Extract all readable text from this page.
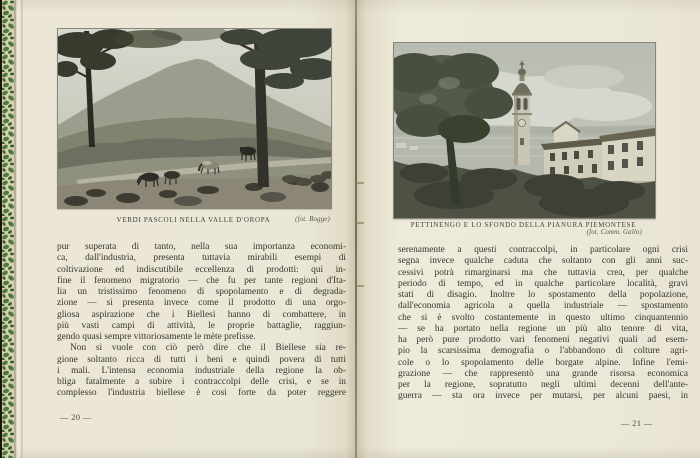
VERDI PASCOLI NELLA VALLE D'OROPA	(fot. Bogge)
pur superata di tanto, nella sua importanza economi-
ca, dall'industria, presenta tuttavia mirabili esempi di
coltivazione ed indiscutibile eccellenza di prodotti: qui in-
fine il fenomeno migratorio — che fu per tante regioni d'Ita-
lia un tristissimo fenomeno di spopolamento e di degrada-
zione — si presenta invece come il prodotto di una orgo-
gliosa aspirazione che i Biellesi hanno di combattere, in
più vasti campi di attività, le proprie battaglie, raggiun-
gendo quasi sempre vittoriosamente le mète prefisse.
Non si vuole con ciò però dire che il Biellese sia re-
gione soltanto ricca di tutti i beni e quindi povera di tutti
i mali. L'intensa economia industriale della regione la ob-
bliga fatalmente a subire i contraccolpi delle crisi, e se in
complesso l'industria biellese è così forte da poter reggere
— 20 —
PETTINENGO E LO SFONDO DELLA PIANURA PIEMONTESE
(fot. Comm. Gallo)
serenamente a questi contraccolpi, in particolare ogni crisi
segna invece qualche caduta che soltanto con gli anni suc-
cessivi potrà rimarginarsi ma che tuttavia crea, per qualche
periodo di tempo, ed in qualche particolare località, gravi
stati di disagio. Inoltre lo spostamento della popolazione,
dall'economia agricola a quella industriale — spostamento
che si è svolto costantemente in questo ultimo cinquantennio
— se ha portato nella regione un più alto tenore di vita,
ha però pure prodotto vari fenomeni negativi quali ad esem-
pio la scarsissima demografia o l'abbandono di colture agri-
cole o lo spopolamento delle borgate alpine. Infine l'emi-
grazione — che rappresentò una grande risorsa economica
per la regione, sopratutto negli ultimi decenni dell'ante-
guerra — sta ora invece per mutarsi, per alcuni paesi, in
— 21 —
